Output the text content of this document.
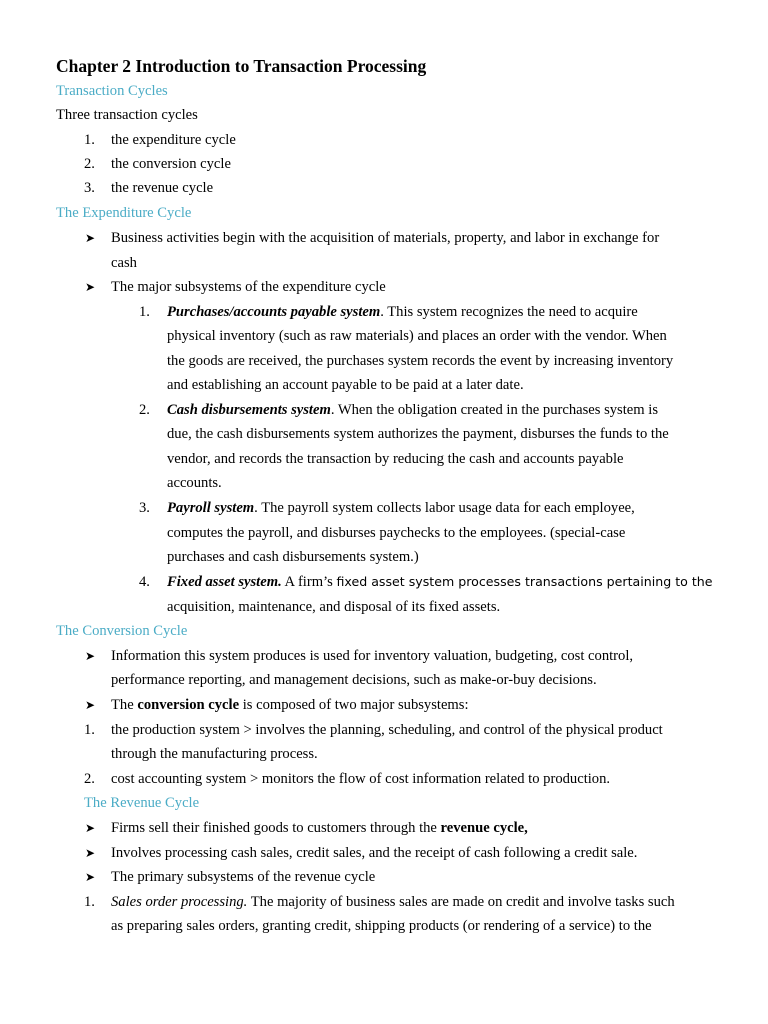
Chapter 2 Introduction to Transaction Processing
Transaction Cycles
Three transaction cycles
1. the expenditure cycle
2. the conversion cycle
3. the revenue cycle
The Expenditure Cycle
➤ Business activities begin with the acquisition of materials, property, and labor in exchange for
cash
➤ The major subsystems of the expenditure cycle
1. Purchases/accounts payable system. This system recognizes the need to acquire
physical inventory (such as raw materials) and places an order with the vendor. When
the goods are received, the purchases system records the event by increasing inventory
and establishing an account payable to be paid at a later date.
2. Cash disbursements system. When the obligation created in the purchases system is
due, the cash disbursements system authorizes the payment, disburses the funds to the
vendor, and records the transaction by reducing the cash and accounts payable
accounts.
3. Payroll system. The payroll system collects labor usage data for each employee,
computes the payroll, and disburses paychecks to the employees. (special-case
purchases and cash disbursements system.)
4. Fixed asset system. A firm’s fixed asset system processes transactions pertaining to the
acquisition, maintenance, and disposal of its fixed assets.
The Conversion Cycle
➤ Information this system produces is used for inventory valuation, budgeting, cost control,
performance reporting, and management decisions, such as make-or-buy decisions.
➤ The conversion cycle is composed of two major subsystems:
1. the production system > involves the planning, scheduling, and control of the physical product
through the manufacturing process.
2. cost accounting system > monitors the flow of cost information related to production.
The Revenue Cycle
➤ Firms sell their finished goods to customers through the revenue cycle,
➤ Involves processing cash sales, credit sales, and the receipt of cash following a credit sale.
➤ The primary subsystems of the revenue cycle
1. Sales order processing. The majority of business sales are made on credit and involve tasks such
as preparing sales orders, granting credit, shipping products (or rendering of a service) to the
